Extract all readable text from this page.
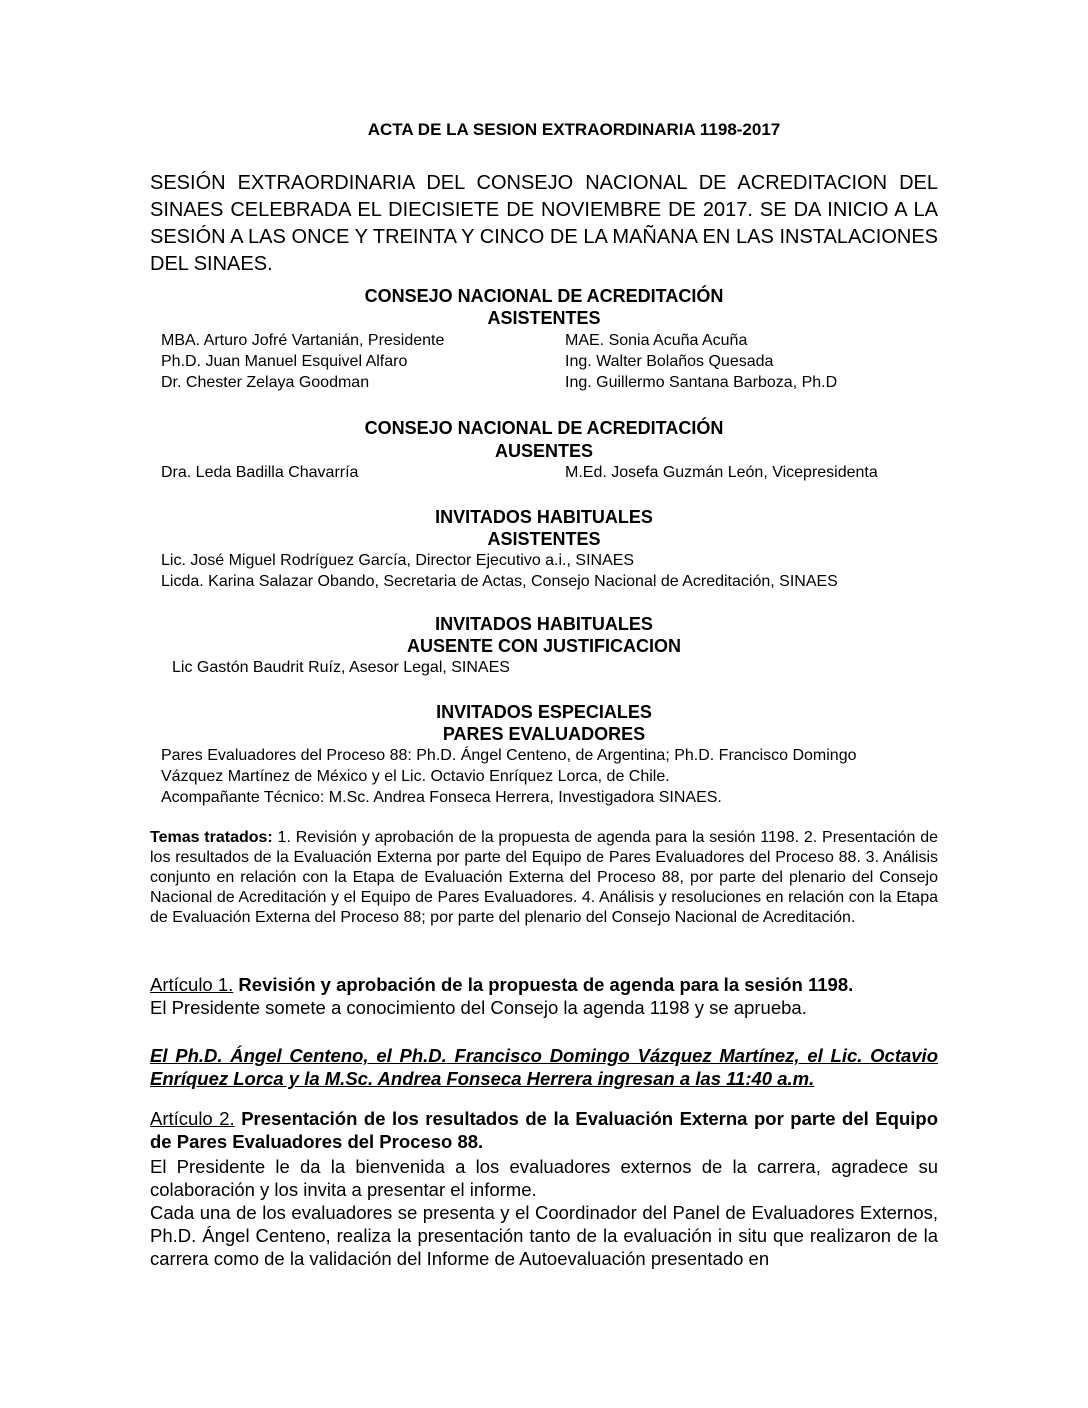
ACTA DE LA SESION EXTRAORDINARIA 1198-2017
SESIÓN EXTRAORDINARIA DEL CONSEJO NACIONAL DE ACREDITACION DEL SINAES CELEBRADA EL DIECISIETE DE NOVIEMBRE DE 2017. SE DA INICIO A LA SESIÓN A LAS ONCE Y TREINTA Y CINCO DE LA MAÑANA EN LAS INSTALACIONES DEL SINAES.
CONSEJO NACIONAL DE ACREDITACIÓN
ASISTENTES
MBA. Arturo Jofré Vartanián, Presidente
Ph.D. Juan Manuel Esquivel Alfaro
Dr. Chester Zelaya Goodman
MAE. Sonia Acuña Acuña
Ing. Walter Bolaños Quesada
Ing. Guillermo Santana Barboza, Ph.D
CONSEJO NACIONAL DE ACREDITACIÓN
AUSENTES
Dra. Leda Badilla Chavarría	M.Ed. Josefa Guzmán León, Vicepresidenta
INVITADOS HABITUALES
ASISTENTES
Lic. José Miguel Rodríguez García, Director Ejecutivo a.i., SINAES
Licda. Karina Salazar Obando, Secretaria de Actas, Consejo Nacional de Acreditación, SINAES
INVITADOS HABITUALES
AUSENTE CON JUSTIFICACION
Lic Gastón Baudrit Ruíz, Asesor Legal, SINAES
INVITADOS ESPECIALES
PARES EVALUADORES
Pares Evaluadores del Proceso 88: Ph.D. Ángel Centeno, de Argentina; Ph.D. Francisco Domingo
Vázquez Martínez de México y el Lic. Octavio Enríquez Lorca, de Chile.
Acompañante Técnico: M.Sc. Andrea Fonseca Herrera, Investigadora SINAES.
Temas tratados: 1. Revisión y aprobación de la propuesta de agenda para la sesión 1198. 2. Presentación de los resultados de la Evaluación Externa por parte del Equipo de Pares Evaluadores del Proceso 88. 3. Análisis conjunto en relación con la Etapa de Evaluación Externa del Proceso 88, por parte del plenario del Consejo Nacional de Acreditación y el Equipo de Pares Evaluadores. 4. Análisis y resoluciones en relación con la Etapa de Evaluación Externa del Proceso 88; por parte del plenario del Consejo Nacional de Acreditación.
Artículo 1. Revisión y aprobación de la propuesta de agenda para la sesión 1198.
El Presidente somete a conocimiento del Consejo la agenda 1198 y se aprueba.
El Ph.D. Ángel Centeno, el Ph.D. Francisco Domingo Vázquez Martínez, el Lic. Octavio Enríquez Lorca y la M.Sc. Andrea Fonseca Herrera ingresan a las 11:40 a.m.
Artículo 2. Presentación de los resultados de la Evaluación Externa por parte del Equipo de Pares Evaluadores del Proceso 88.
El Presidente le da la bienvenida a los evaluadores externos de la carrera, agradece su colaboración y los invita a presentar el informe.
Cada una de los evaluadores se presenta y el Coordinador del Panel de Evaluadores Externos, Ph.D. Ángel Centeno, realiza la presentación tanto de la evaluación in situ que realizaron de la carrera como de la validación del Informe de Autoevaluación presentado en
